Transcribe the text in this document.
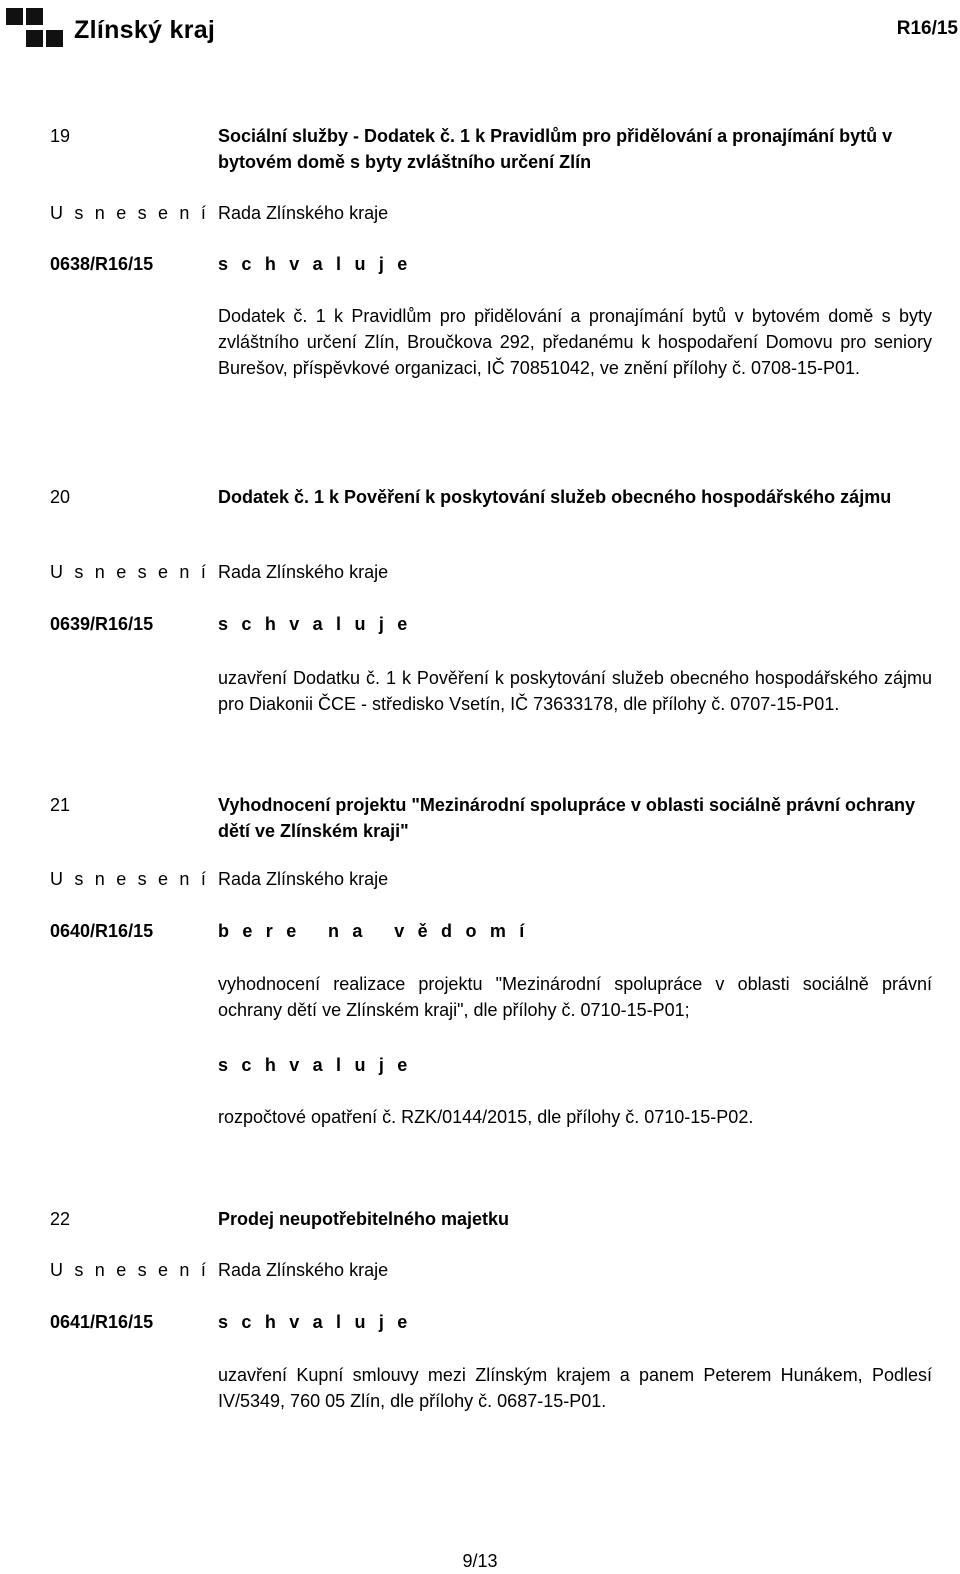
Zlínský kraj	R16/15
19	Sociální služby - Dodatek č. 1 k Pravidlům pro přidělování a pronajímání bytů v bytovém domě s byty zvláštního určení Zlín
U s n e s e n í Rada Zlínského kraje
0638/R16/15	s c h v a l u j e
Dodatek č. 1 k Pravidlům pro přidělování a pronajímání bytů v bytovém domě s byty zvláštního určení Zlín, Broučkova 292, předanému k hospodaření Domovu pro seniory Burešov, příspěvkové organizaci, IČ 70851042, ve znění přílohy č. 0708-15-P01.
20	Dodatek č. 1 k Pověření k poskytování služeb obecného hospodářského zájmu
U s n e s e n í Rada Zlínského kraje
0639/R16/15	s c h v a l u j e
uzavření Dodatku č. 1 k Pověření k poskytování služeb obecného hospodářského zájmu pro Diakonii ČCE - středisko Vsetín, IČ 73633178, dle přílohy č. 0707-15-P01.
21	Vyhodnocení projektu "Mezinárodní spolupráce v oblasti sociálně právní ochrany dětí ve Zlínském kraji"
U s n e s e n í Rada Zlínského kraje
0640/R16/15	b e r e   n a   v ě d o m í
vyhodnocení realizace projektu "Mezinárodní spolupráce v oblasti sociálně právní ochrany dětí ve Zlínském kraji", dle přílohy č. 0710-15-P01;
s c h v a l u j e
rozpočtové opatření č. RZK/0144/2015, dle přílohy č. 0710-15-P02.
22	Prodej neupotřebitelného majetku
U s n e s e n í Rada Zlínského kraje
0641/R16/15	s c h v a l u j e
uzavření Kupní smlouvy mezi Zlínským krajem a panem Peterem Hunákem, Podlesí IV/5349, 760 05 Zlín, dle přílohy č. 0687-15-P01.
9/13
